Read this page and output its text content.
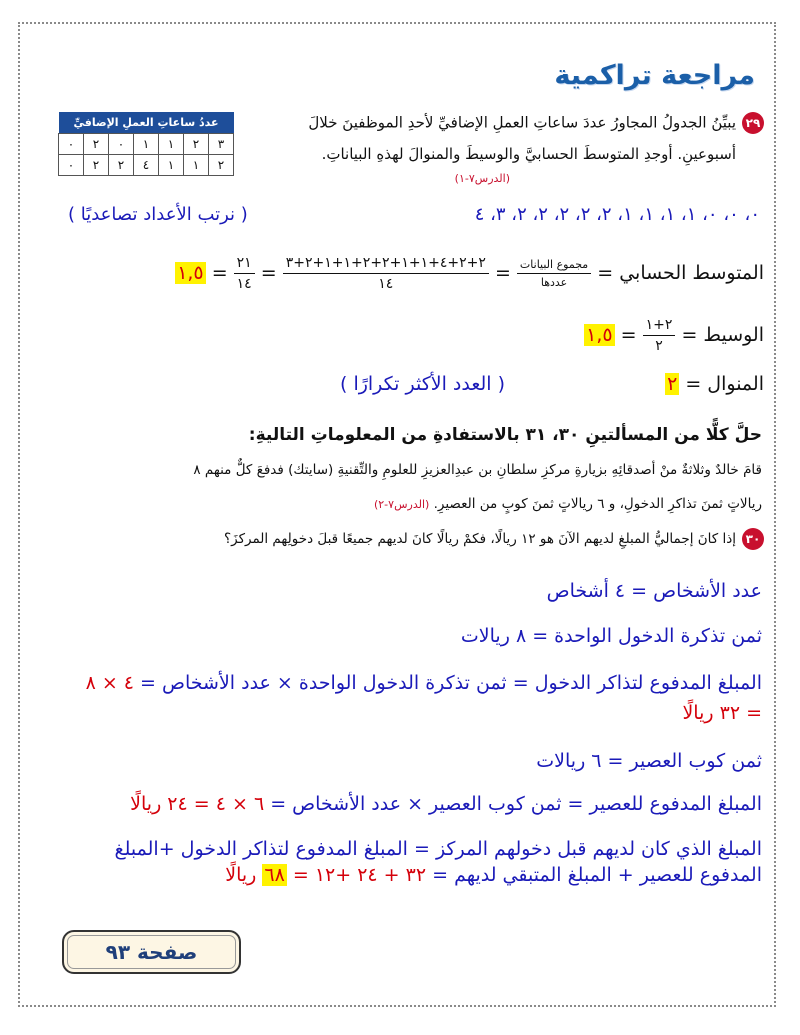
مراجعة تراكمية
٢٩يبيِّنُ الجدولُ المجاورُ عددَ ساعاتِ العملِ الإضافيِّ لأحدِ الموظفينَ خلالَ
أسبوعينِ. أوجدِ المتوسطَ الحسابيَّ والوسيطَ والمنوالَ لهذهِ البياناتِ.
(الدرس٧-١)
عددُ ساعاتِ العملِ الإضافيِّ						
٠	٢	٠	١	١	٢	٣
٠	٢	٢	٤	١	١	٢
٠، ٠، ٠، ١، ١، ١، ١، ٢، ٢، ٢، ٢، ٢، ٣، ٤
( نرتب الأعداد تصاعديًا )
المتوسط الحسابي =
$\frac{\text{مجموع البيانات}}{\text{عددها}}$
=
$\frac{٢+٢+٤+١+١+٢+٢+١+١+٢+٣}{١٤}$
=
$\frac{٢١}{١٤}$
= ١,٥
الوسيط =
$\frac{٢+١}{٢}$
= ١,٥
المنوال = ٢
( العدد الأكثر تكرارًا )
حلَّ كلًّا من المسألتينِ ٣٠، ٣١ بالاستفادةِ من المعلوماتِ التاليةِ:
قامَ خالدٌ وثلاثةٌ منْ أصدقائِهِ بزيارةِ مركزِ سلطانِ بن عبدِالعزيزِ للعلومِ والتِّقنيةِ (سايتك) فدفعَ كلٌّ منهم ٨
ريالاتٍ ثمنَ تذاكرِ الدخولِ، و ٦ ريالاتٍ ثمنَ كوبٍ من العصيرِ. (الدرس٧-٢)
٣٠إذا كانَ إجماليُّ المبلغِ لديهم الآنَ هو ١٢ ريالًا، فكمْ ريالًا كانَ لديهم جميعًا قبلَ دخولِهم المركزَ؟
عدد الأشخاص = ٤ أشخاص
ثمن تذكرة الدخول الواحدة = ٨ ريالات
المبلغ المدفوع لتذاكر الدخول = ثمن تذكرة الدخول الواحدة × عدد الأشخاص = ٤ × ٨
= ٣٢ ريالًا
ثمن كوب العصير = ٦ ريالات
المبلغ المدفوع للعصير = ثمن كوب العصير × عدد الأشخاص = ٦ × ٤ = ٢٤ ريالًا
المبلغ الذي كان لديهم قبل دخولهم المركز = المبلغ المدفوع لتذاكر الدخول +المبلغ
المدفوع للعصير + المبلغ المتبقي لديهم = ٣٢ + ٢٤ +١٢ = ٦٨ ريالًا
صفحة ٩٣
